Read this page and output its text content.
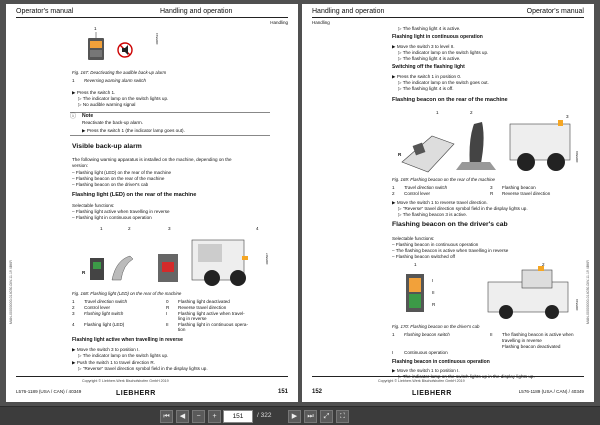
Operator's manual	Handling and operation
Handling
1
4005534
Fig. 167: Deactivating the audible back-up alarm
1 Reversing warning alarm switch
▶ Press the switch 1.
▷ The indicator lamp on the switch lights up.
▷ No audible warning signal
ⓘ Note
Reactivate the back-up alarm.
▶ Press the switch 1 (the indicator lamp goes out).
Visible back-up alarm
The following warning apparatus is installed on the machine, depending on the
version:
– Flashing light (LED) on the rear of the machine
– Flashing beacon on the rear of the machine
– Flashing beacon on the driver's cab
Flashing light (LED) on the rear of the machine
Selectable functions:
– Flashing light active when travelling in reverse
– Flashing light in continuous operation
1	2	3	4
R
4005507
Fig. 168: Flashing light (LED) on the rear of the machine
1 Travel direction switch	0 Flashing light deactivated
2 Control lever	R Reverse travel direction
3 Flashing light switch	I Flashing light active when travel-
ling in reverse
4 Flashing light (LED)	II Flashing light in continuous opera-
tion
Flashing light active when travelling in reverse
▶ Move the switch 3 to position I.
▷ The indicator lamp on the switch lights up.
▶ Push the switch 1 to travel direction R.
▷ "Reverse" travel direction symbol field in the display lights up.
MAN-00000000-014030-DIV-11.19 4BKR
Copyright © Liebherr-Werk Bischofshofen GmbH 2019
L576-1189 (USA / CAN) / 40349	LIEBHERR	151
Handling and operation	Operator's manual
Handling
▷ The flashing light 4 is active.
Flashing light in continuous operation
▶ Move the switch 3 to level II.
▷ The indicator lamp on the switch lights up.
▷ The flashing light 4 is active.
Switching off the flashing light
▶ Press the switch 1 in position 0.
▷ The indicator lamp on the switch goes out.
▷ The flashing light 4 is off.
Flashing beacon on the rear of the machine
1	2
3
R	4005509
Fig. 169: Flashing beacon on the rear of the machine
1 Travel direction switch	3 Flashing beacon
2 Control lever	R Reverse travel direction
▶ Move the switch 1 to reverse travel direction.
▷ "Reverse" travel direction symbol field in the display lights up.
▷ The flashing beacon 3 is active.
Flashing beacon on the driver's cab
Selectable functions:
– Flashing beacon in continuous operation
– The flashing beacon is active when travelling in reverse
– Flashing beacon switched off
1	2
I
II
R	4005519
Fig. 170: Flashing beacon on the driver's cab
1 Flashing beacon switch	II The flashing beacon is active when travelling in reverse
Flashing beacon deactivated
I Continuous operation
Flashing beacon in continuous operation
▶ Move the switch 1 to position I.
▷ The indicator lamp on the switch lights up in the display lights up.
MAN-00000000-014030-DIV-11.19 4BKR
Copyright © Liebherr-Werk Bischofshofen GmbH 2019
152	LIEBHERR	L576-1189 (USA / CAN) / 40349
⏮	◀	−	+	151	/ 322	▶	⏭	⤢	⛶
